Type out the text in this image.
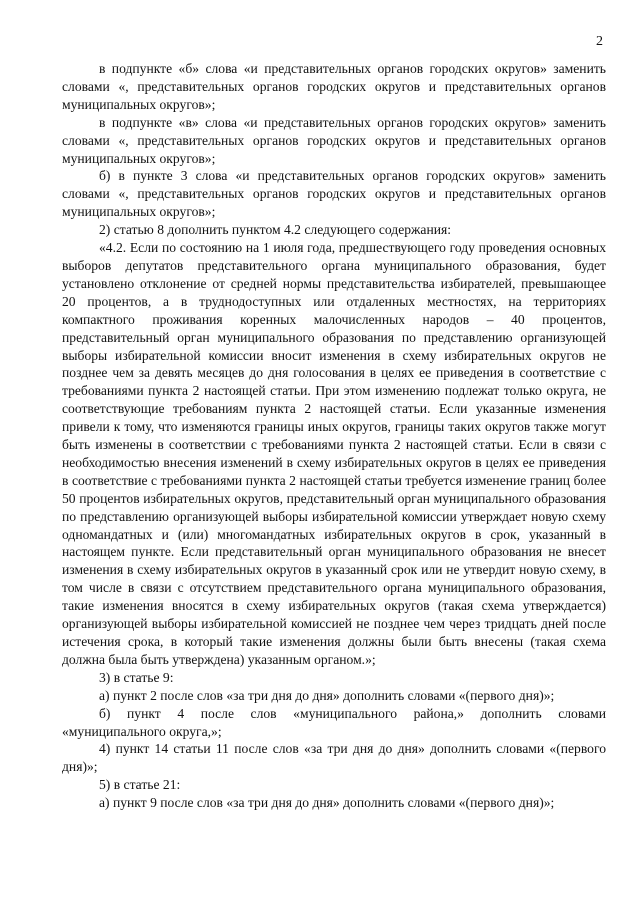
2

в подпункте «б» слова «и представительных органов городских округов» заменить словами «, представительных органов городских округов и представительных органов муниципальных округов»;

в подпункте «в» слова «и представительных органов городских округов» заменить словами «, представительных органов городских округов и представительных органов муниципальных округов»;

б) в пункте 3 слова «и представительных органов городских округов» заменить словами «, представительных органов городских округов и представительных органов муниципальных округов»;

2) статью 8 дополнить пунктом 4.2 следующего содержания:

«4.2. Если по состоянию на 1 июля года, предшествующего году проведения основных выборов депутатов представительного органа муниципального образования, будет установлено отклонение от средней нормы представительства избирателей, превышающее 20 процентов, а в труднодоступных или отдаленных местностях, на территориях компактного проживания коренных малочисленных народов – 40 процентов, представительный орган муниципального образования по представлению организующей выборы избирательной комиссии вносит изменения в схему избирательных округов не позднее чем за девять месяцев до дня голосования в целях ее приведения в соответствие с требованиями пункта 2 настоящей статьи. При этом изменению подлежат только округа, не соответствующие требованиям пункта 2 настоящей статьи. Если указанные изменения привели к тому, что изменяются границы иных округов, границы таких округов также могут быть изменены в соответствии с требованиями пункта 2 настоящей статьи. Если в связи с необходимостью внесения изменений в схему избирательных округов в целях ее приведения в соответствие с требованиями пункта 2 настоящей статьи требуется изменение границ более 50 процентов избирательных округов, представительный орган муниципального образования по представлению организующей выборы избирательной комиссии утверждает новую схему одномандатных и (или) многомандатных избирательных округов в срок, указанный в настоящем пункте. Если представительный орган муниципального образования не внесет изменения в схему избирательных округов в указанный срок или не утвердит новую схему, в том числе в связи с отсутствием представительного органа муниципального образования, такие изменения вносятся в схему избирательных округов (такая схема утверждается) организующей выборы избирательной комиссией не позднее чем через тридцать дней после истечения срока, в который такие изменения должны были быть внесены (такая схема должна была быть утверждена) указанным органом.»;

3) в статье 9:

а) пункт 2 после слов «за три дня до дня» дополнить словами «(первого дня)»;

б) пункт 4 после слов «муниципального района,» дополнить словами «муниципального округа,»;

4) пункт 14 статьи 11 после слов «за три дня до дня» дополнить словами «(первого дня)»;

5) в статье 21:

а) пункт 9 после слов «за три дня до дня» дополнить словами «(первого дня)»;
